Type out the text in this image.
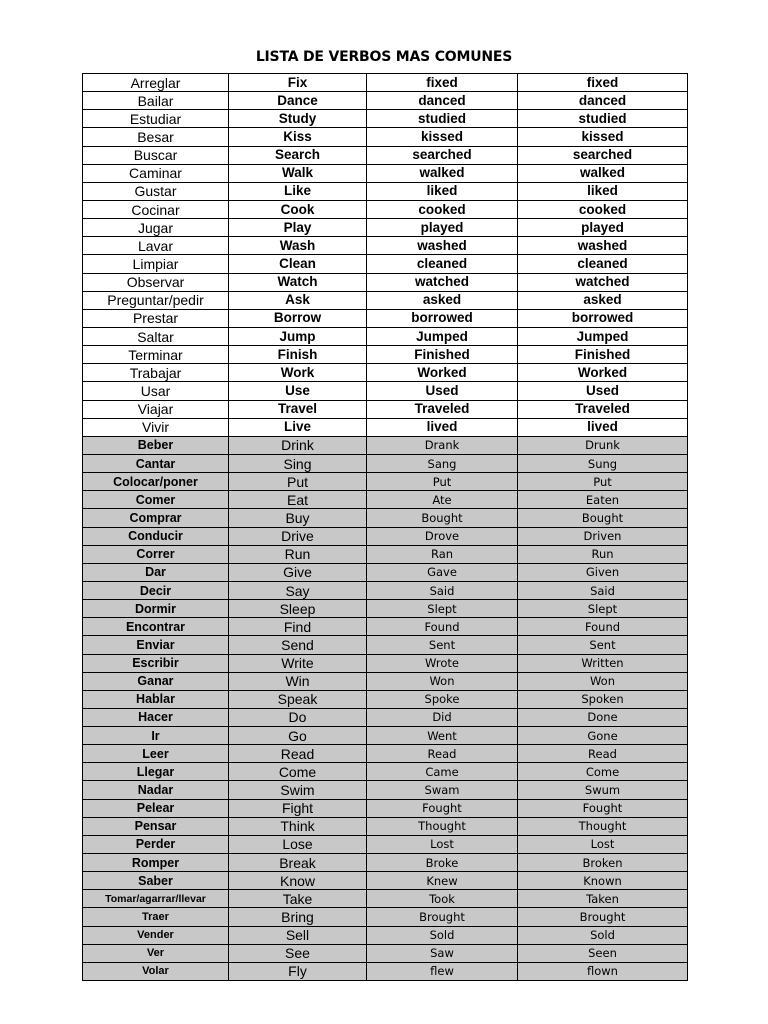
LISTA DE VERBOS MAS COMUNES
Arreglar	Fix	fixed	fixed
Bailar	Dance	danced	danced
Estudiar	Study	studied	studied
Besar	Kiss	kissed	kissed
Buscar	Search	searched	searched
Caminar	Walk	walked	walked
Gustar	Like	liked	liked
Cocinar	Cook	cooked	cooked
Jugar	Play	played	played
Lavar	Wash	washed	washed
Limpiar	Clean	cleaned	cleaned
Observar	Watch	watched	watched
Preguntar/pedir	Ask	asked	asked
Prestar	Borrow	borrowed	borrowed
Saltar	Jump	Jumped	Jumped
Terminar	Finish	Finished	Finished
Trabajar	Work	Worked	Worked
Usar	Use	Used	Used
Viajar	Travel	Traveled	Traveled
Vivir	Live	lived	lived
Beber	Drink	Drank	Drunk
Cantar	Sing	Sang	Sung
Colocar/poner	Put	Put	Put
Comer	Eat	Ate	Eaten
Comprar	Buy	Bought	Bought
Conducir	Drive	Drove	Driven
Correr	Run	Ran	Run
Dar	Give	Gave	Given
Decir	Say	Said	Said
Dormir	Sleep	Slept	Slept
Encontrar	Find	Found	Found
Enviar	Send	Sent	Sent
Escribir	Write	Wrote	Written
Ganar	Win	Won	Won
Hablar	Speak	Spoke	Spoken
Hacer	Do	Did	Done
Ir	Go	Went	Gone
Leer	Read	Read	Read
Llegar	Come	Came	Come
Nadar	Swim	Swam	Swum
Pelear	Fight	Fought	Fought
Pensar	Think	Thought	Thought
Perder	Lose	Lost	Lost
Romper	Break	Broke	Broken
Saber	Know	Knew	Known
Tomar/agarrar/llevar	Take	Took	Taken
Traer	Bring	Brought	Brought
Vender	Sell	Sold	Sold
Ver	See	Saw	Seen
Volar	Fly	flew	flown
